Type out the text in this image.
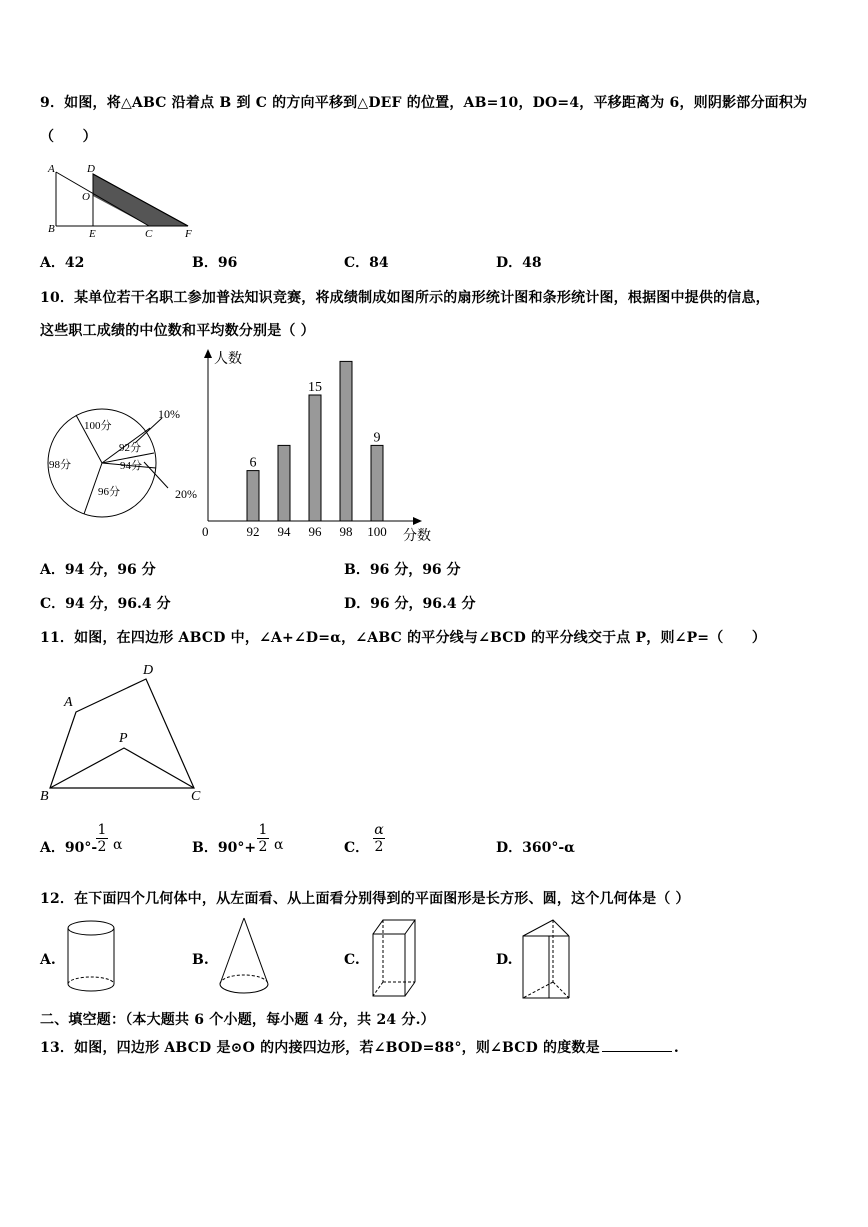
9．如图，将△ABC 沿着点 B 到 C 的方向平移到△DEF 的位置，AB=10，DO=4，平移距离为 6，则阴影部分面积为
（　　）
A	D
O
B	E	C	F
A．42	B．96	C．84	D．48
10．某单位若干名职工参加普法知识竞赛，将成绩制成如图所示的扇形统计图和条形统计图，根据图中提供的信息，
这些职工成绩的中位数和平均数分别是（ ）
100分
92分
94分
98分
96分
10%
20%
人数
分数
0	92
6
94 96
15
98 100
9
A．94 分，96 分	B．96 分，96 分
C．94 分，96.4 分	D．96 分，96.4 分
11．如图，在四边形 ABCD 中，∠A+∠D=α，∠ABC 的平分线与∠BCD 的平分线交于点 P，则∠P=（　　）
A
D
P
B	C
A．90°-
1
2 α	B．90°+
1
2 α	C．
α
2	D．360°-α
12．在下面四个几何体中，从左面看、从上面看分别得到的平面图形是长方形、圆，这个几何体是（ ）
A.	B.	C.	D.
二、填空题：（本大题共 6 个小题，每小题 4 分，共 24 分.）
13．如图，四边形 ABCD 是⊙O 的内接四边形，若∠BOD=88°，则∠BCD 的度数是	.
